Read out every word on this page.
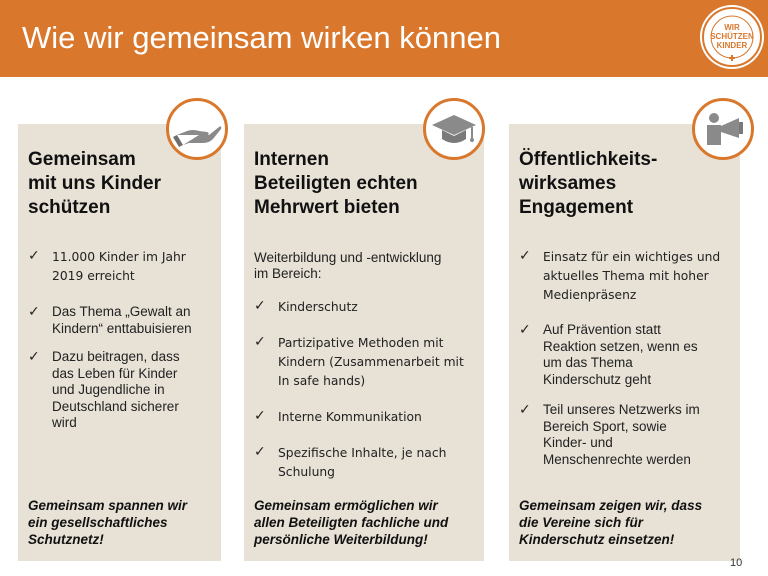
Wie wir gemeinsam wirken können	WIR
SCHÜTZEN
KINDER
Gemeinsam
mit uns Kinder
schützen
✓ 11.000 Kinder im Jahr
2019 erreicht
✓ Das Thema „Gewalt an
Kindern“ enttabuisieren
✓ Dazu beitragen, dass
das Leben für Kinder
und Jugendliche in
Deutschland sicherer
wird
Gemeinsam spannen wir
ein gesellschaftliches
Schutznetz!
Internen
Beteiligten echten
Mehrwert bieten
Weiterbildung und -entwicklung
im Bereich:
✓ Kinderschutz
✓ Partizipative Methoden mit
Kindern (Zusammenarbeit mit
In safe hands)
✓ Interne Kommunikation
✓ Spezifische Inhalte, je nach
Schulung
Gemeinsam ermöglichen wir
allen Beteiligten fachliche und
persönliche Weiterbildung!
Öffentlichkeits-
wirksames
Engagement
✓ Einsatz für ein wichtiges und
aktuelles Thema mit hoher
Medienpräsenz
✓ Auf Prävention statt
Reaktion setzen, wenn es
um das Thema
Kinderschutz geht
✓ Teil unseres Netzwerks im
Bereich Sport, sowie
Kinder- und
Menschenrechte werden
Gemeinsam zeigen wir, dass
die Vereine sich für
Kinderschutz einsetzen!
10
